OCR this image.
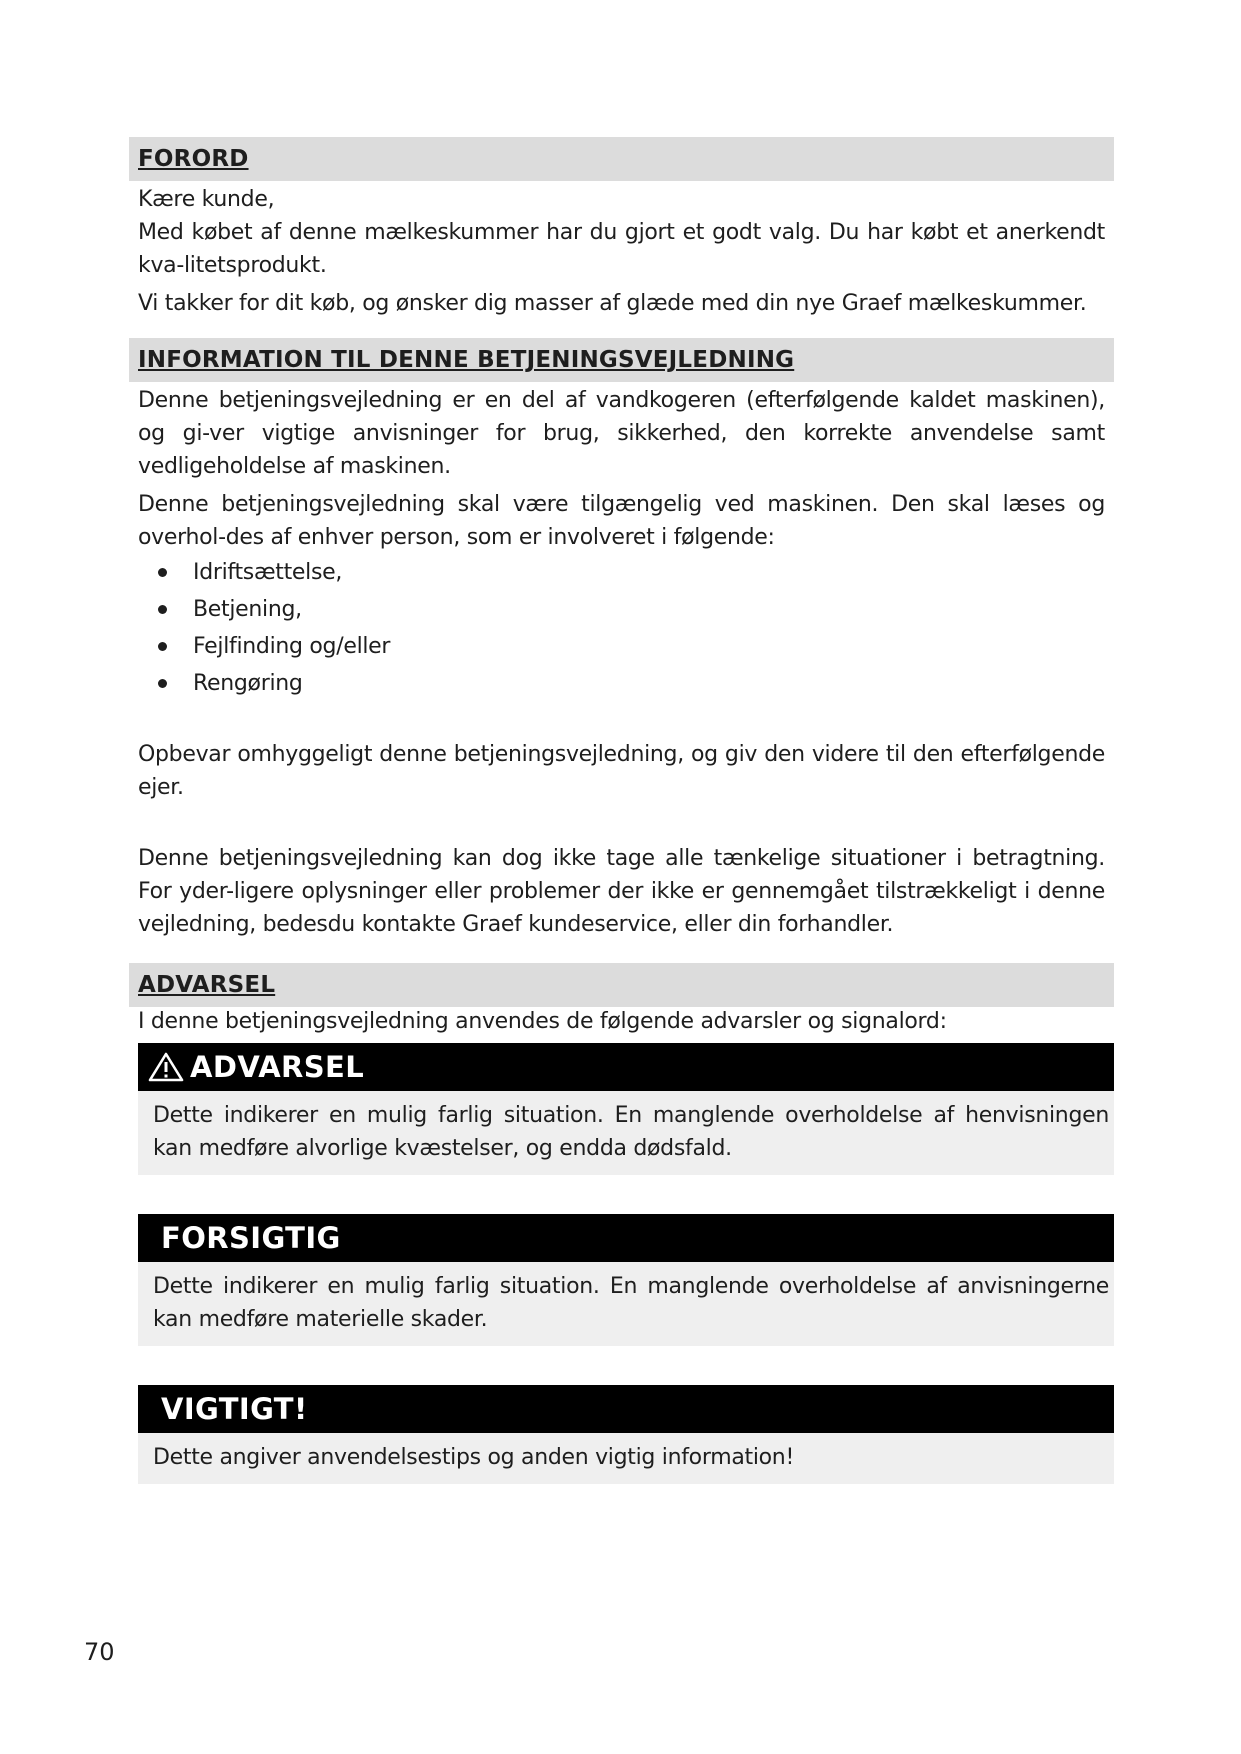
FORORD

Kære kunde,

Med købet af denne mælkeskummer har du gjort et godt valg. Du har købt et anerkendt kva-litetsprodukt.

Vi takker for dit køb, og ønsker dig masser af glæde med din nye Graef mælkeskummer.

INFORMATION TIL DENNE BETJENINGSVEJLEDNING

Denne betjeningsvejledning er en del af vandkogeren (efterfølgende kaldet maskinen), og gi-ver vigtige anvisninger for brug, sikkerhed, den korrekte anvendelse samt vedligeholdelse af maskinen.

Denne betjeningsvejledning skal være tilgængelig ved maskinen. Den skal læses og overhol-des af enhver person, som er involveret i følgende:

Idriftsættelse,
Betjening,
Fejlfinding og/eller
Rengøring

Opbevar omhyggeligt denne betjeningsvejledning, og giv den videre til den efterfølgende ejer.

Denne betjeningsvejledning kan dog ikke tage alle tænkelige situationer i betragtning. For yder-ligere oplysninger eller problemer der ikke er gennemgået tilstrækkeligt i denne vejledning, bedesdu kontakte Graef kundeservice, eller din forhandler.

ADVARSEL

I denne betjeningsvejledning anvendes de følgende advarsler og signalord:

ADVARSEL
Dette indikerer en mulig farlig situation. En manglende overholdelse af henvisningen kan medføre alvorlige kvæstelser, og endda dødsfald.
FORSIGTIG
Dette indikerer en mulig farlig situation. En manglende overholdelse af anvisningerne kan medføre materielle skader.
VIGTIGT!
Dette angiver anvendelsestips og anden vigtig information!
70
